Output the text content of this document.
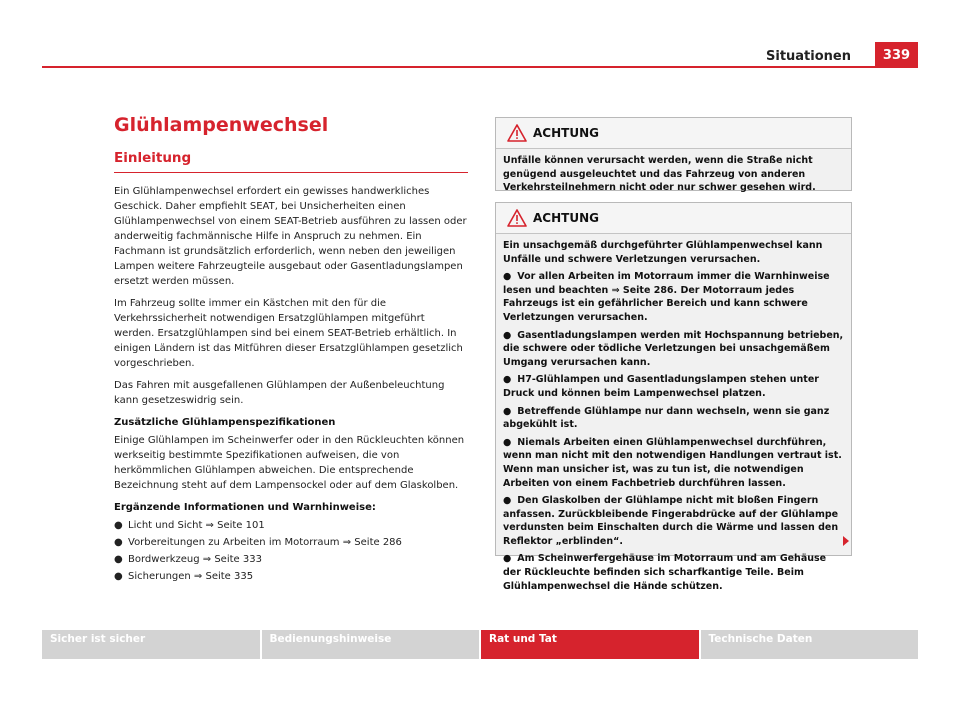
Situationen	339
Glühlampenwechsel
Einleitung

Ein Glühlampenwechsel erfordert ein gewisses handwerkliches Geschick. Daher empfiehlt SEAT, bei Unsicherheiten einen Glühlampenwechsel von einem SEAT-Betrieb ausführen zu lassen oder anderweitig fachmännische Hilfe in Anspruch zu nehmen. Ein Fachmann ist grundsätzlich erforderlich, wenn neben den jeweiligen Lampen weitere Fahrzeugteile ausgebaut oder Gasentladungslampen ersetzt werden müssen.

Im Fahrzeug sollte immer ein Kästchen mit den für die Verkehrssicherheit notwendigen Ersatzglühlampen mitgeführt werden. Ersatzglühlampen sind bei einem SEAT-Betrieb erhältlich. In einigen Ländern ist das Mitführen dieser Ersatzglühlampen gesetzlich vorgeschrieben.

Das Fahren mit ausgefallenen Glühlampen der Außenbeleuchtung kann gesetzeswidrig sein.

Zusätzliche Glühlampenspezifikationen

Einige Glühlampen im Scheinwerfer oder in den Rückleuchten können werkseitig bestimmte Spezifikationen aufweisen, die von herkömmlichen Glühlampen abweichen. Die entsprechende Bezeichnung steht auf dem Lampensockel oder auf dem Glaskolben.

Ergänzende Informationen und Warnhinweise:
● Licht und Sicht ⇒ Seite 101
● Vorbereitungen zu Arbeiten im Motorraum ⇒ Seite 286
● Bordwerkzeug ⇒ Seite 333
● Sicherungen ⇒ Seite 335
ACHTUNG

Unfälle können verursacht werden, wenn die Straße nicht genügend ausgeleuchtet und das Fahrzeug von anderen Verkehrsteilnehmern nicht oder nur schwer gesehen wird.

ACHTUNG

Ein unsachgemäß durchgeführter Glühlampenwechsel kann Unfälle und schwere Verletzungen verursachen.

● Vor allen Arbeiten im Motorraum immer die Warnhinweise lesen und beachten ⇒ Seite 286. Der Motorraum jedes Fahrzeugs ist ein gefährlicher Bereich und kann schwere Verletzungen verursachen.

● Gasentladungslampen werden mit Hochspannung betrieben, die schwere oder tödliche Verletzungen bei unsachgemäßem Umgang verursachen kann.

● H7-Glühlampen und Gasentladungslampen stehen unter Druck und können beim Lampenwechsel platzen.

● Betreffende Glühlampe nur dann wechseln, wenn sie ganz abgekühlt ist.

● Niemals Arbeiten einen Glühlampenwechsel durchführen, wenn man nicht mit den notwendigen Handlungen vertraut ist. Wenn man unsicher ist, was zu tun ist, die notwendigen Arbeiten von einem Fachbetrieb durchführen lassen.

● Den Glaskolben der Glühlampe nicht mit bloßen Fingern anfassen. Zurückbleibende Fingerabdrücke auf der Glühlampe verdunsten beim Einschalten durch die Wärme und lassen den Reflektor „erblinden“.

● Am Scheinwerfergehäuse im Motorraum und am Gehäuse der Rückleuchte befinden sich scharfkantige Teile. Beim Glühlampenwechsel die Hände schützen.

Sicher ist sicher	Bedienungshinweise	Rat und Tat	Technische Daten
